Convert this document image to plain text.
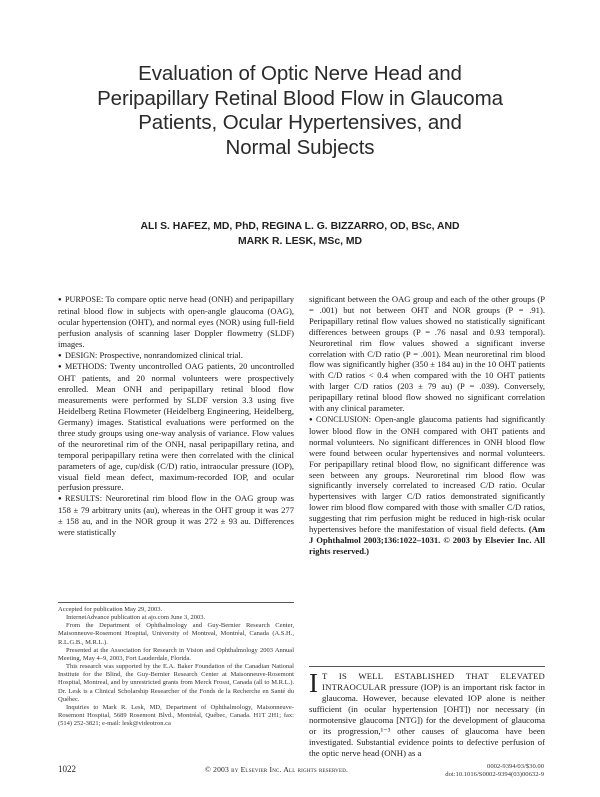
Evaluation of Optic Nerve Head and
Peripapillary Retinal Blood Flow in Glaucoma
Patients, Ocular Hypertensives, and
Normal Subjects
ALI S. HAFEZ, MD, PhD, REGINA L. G. BIZZARRO, OD, BSc, AND
MARK R. LESK, MSc, MD

● PURPOSE: To compare optic nerve head (ONH) and peripapillary retinal blood flow in subjects with open-angle glaucoma (OAG), ocular hypertension (OHT), and normal eyes (NOR) using full-field perfusion analysis of scanning laser Doppler flowmetry (SLDF) images.

● DESIGN: Prospective, nonrandomized clinical trial.

● METHODS: Twenty uncontrolled OAG patients, 20 uncontrolled OHT patients, and 20 normal volunteers were prospectively enrolled. Mean ONH and peripapillary retinal blood flow measurements were performed by SLDF version 3.3 using five Heidelberg Retina Flowmeter (Heidelberg Engineering, Heidelberg, Germany) images. Statistical evaluations were performed on the three study groups using one-way analysis of variance. Flow values of the neuroretinal rim of the ONH, nasal peripapillary retina, and temporal peripapillary retina were then correlated with the clinical parameters of age, cup/disk (C/D) ratio, intraocular pressure (IOP), visual field mean defect, maximum-recorded IOP, and ocular perfusion pressure.

● RESULTS: Neuroretinal rim blood flow in the OAG group was 158 ± 79 arbitrary units (au), whereas in the OHT group it was 277 ± 158 au, and in the NOR group it was 272 ± 93 au. Differences were statistically

Accepted for publication May 29, 2003.

InternetAdvance publication at ajo.com June 3, 2003.

From the Department of Ophthalmology and Guy-Bernier Research Center, Maisonneuve-Rosemont Hospital, University of Montreal, Montréal, Canada (A.S.H., R.L.G.B., M.R.L.).

Presented at the Association for Research in Vision and Ophthalmology 2003 Annual Meeting, May 4–9, 2003, Fort Lauderdale, Florida.

This research was supported by the E.A. Baker Foundation of the Canadian National Institute for the Blind, the Guy-Bernier Research Center at Maisonneuve-Rosemont Hospital, Montreal, and by unrestricted grants from Merck Frosst, Canada (all to M.R.L.). Dr. Lesk is a Clinical Scholarship Researcher of the Fonds de la Recherche en Santé du Québec.

Inquiries to Mark R. Lesk, MD, Department of Ophthalmology, Maisonneuve-Rosemont Hospital, 5689 Rosemont Blvd., Montréal, Québec, Canada. H1T 2H1; fax: (514) 252-3821; e-mail: lesk@videotron.ca

significant between the OAG group and each of the other groups (P = .001) but not between OHT and NOR groups (P = .91). Peripapillary retinal flow values showed no statistically significant differences between groups (P = .76 nasal and 0.93 temporal). Neuroretinal rim flow values showed a significant inverse correlation with C/D ratio (P = .001). Mean neuroretinal rim blood flow was significantly higher (350 ± 184 au) in the 10 OHT patients with C/D ratios < 0.4 when compared with the 10 OHT patients with larger C/D ratios (203 ± 79 au) (P = .039). Conversely, peripapillary retinal blood flow showed no significant correlation with any clinical parameter.

● CONCLUSION: Open-angle glaucoma patients had significantly lower blood flow in the ONH compared with OHT patients and normal volunteers. No significant differences in ONH blood flow were found between ocular hypertensives and normal volunteers. For peripapillary retinal blood flow, no significant difference was seen between any groups. Neuroretinal rim blood flow was significantly inversely correlated to increased C/D ratio. Ocular hypertensives with larger C/D ratios demonstrated significantly lower rim blood flow compared with those with smaller C/D ratios, suggesting that rim perfusion might be reduced in high-risk ocular hypertensives before the manifestation of visual field defects. (Am J Ophthalmol 2003;136:1022–1031. © 2003 by Elsevier Inc. All rights reserved.)

I T IS WELL ESTABLISHED THAT ELEVATED INTRAOCULAR pressure (IOP) is an important risk factor in glaucoma. However, because elevated IOP alone is neither sufficient (in ocular hypertension [OHT]) nor necessary (in normotensive glaucoma [NTG]) for the development of glaucoma or its progression,¹⁻³ other causes of glaucoma have been investigated. Substantial evidence points to defective perfusion of the optic nerve head (ONH) as a
1022	© 2003 by Elsevier Inc. All rights reserved.	0002-9394/03/$30.00
doi:10.1016/S0002-9394(03)00632-9
